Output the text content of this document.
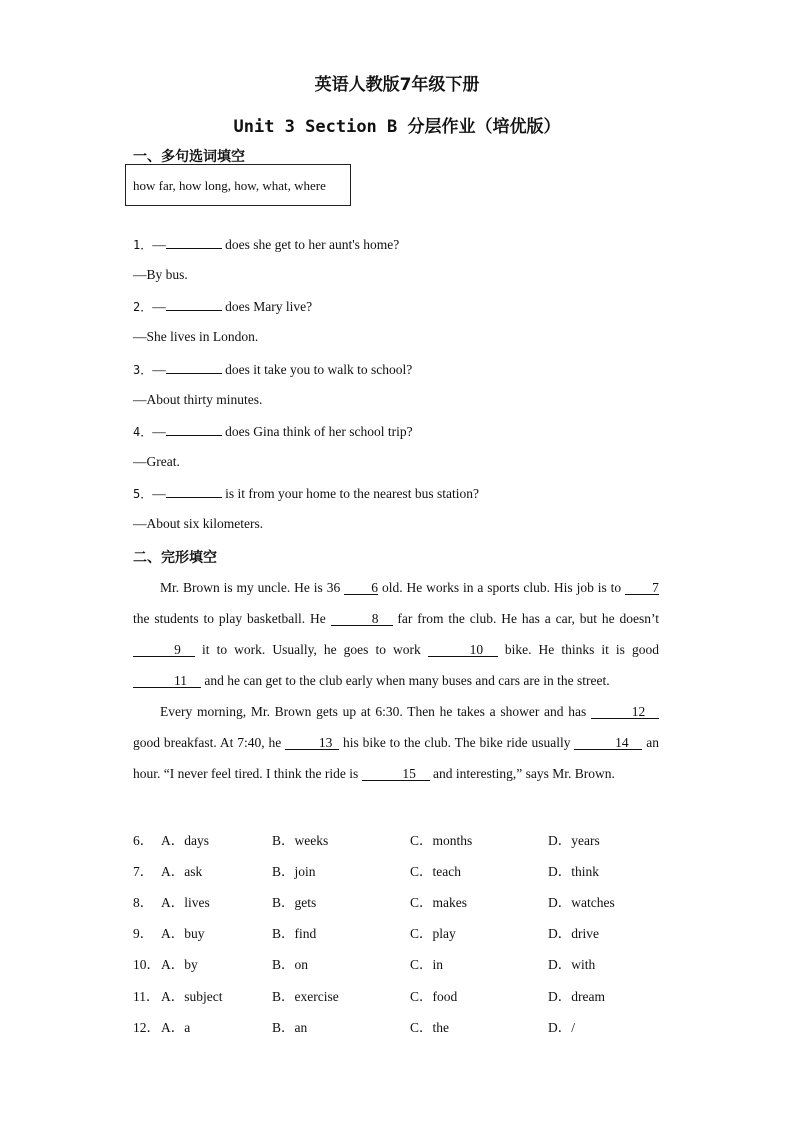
英语人教版7年级下册
Unit 3 Section B 分层作业（培优版）
一、多句选词填空
how far, how long, how, what, where
1．—	does she get to her aunt's home?
—By bus.
2．—	does Mary live?
—She lives in London.
3．—	does it take you to walk to school?
—About thirty minutes.
4．—	does Gina think of her school trip?
—Great.
5．—	is it from your home to the nearest bus station?
—About six kilometers.
二、完形填空

Mr. Brown is my uncle. He is 36 6 old. He works in a sports club. His job is to 7 the students to play basketball. He	8 far from the club. He has a car, but he doesn’t 9 it to work. Usually, he goes to work	10 bike. He thinks it is good 11 and he can get to the club early when many buses and cars are in the street.

Every morning, Mr. Brown gets up at 6:30. Then he takes a shower and has	12 good breakfast. At 7:40, he	13 his bike to the club. The bike ride usually	14 an hour. “I never feel tired. I think the ride is	15 and interesting,” says Mr. Brown.

6． A．days	B．weeks	C．months	D．years
7． A．ask	B．join	C．teach	D．think
8． A．lives	B．gets	C．makes	D．watches
9． A．buy	B．find	C．play	D．drive
10． A．by	B．on	C．in	D．with
11． A．subject	B．exercise	C．food	D．dream
12． A．a	B．an	C．the	D．/
